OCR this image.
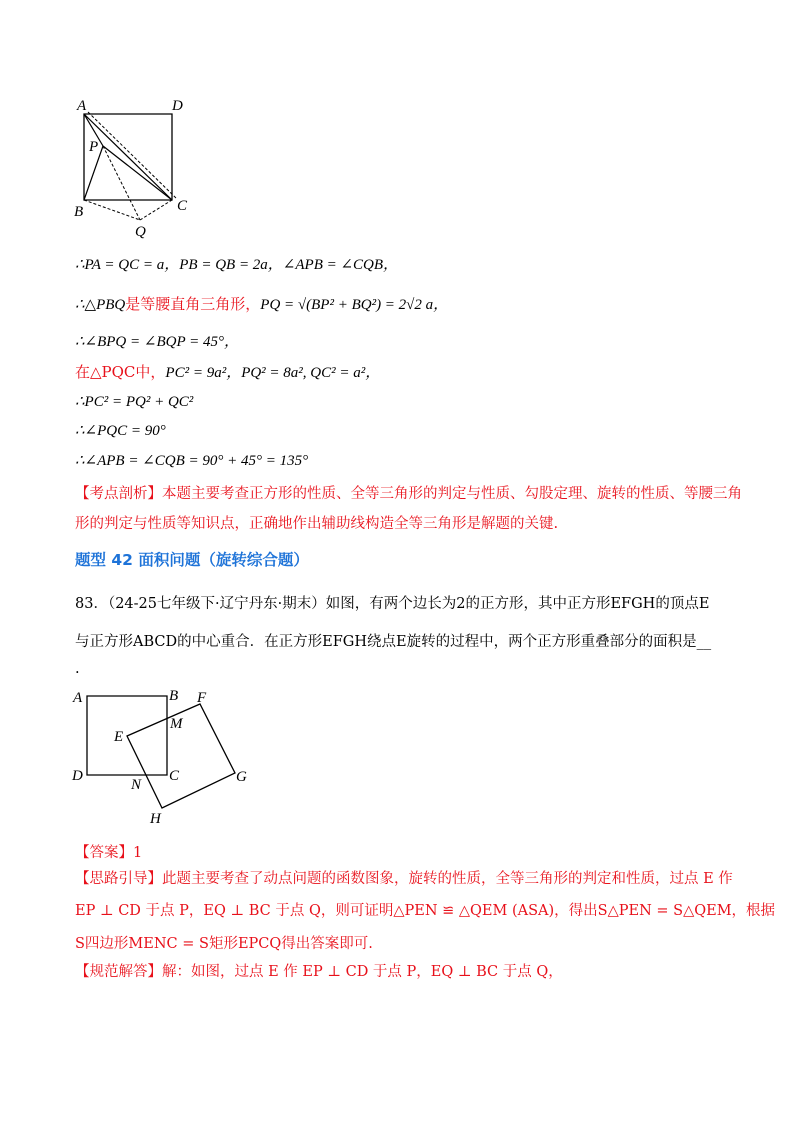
A	D
P
B	C
Q
∴PA = QC = a，PB = QB = 2a，∠APB = ∠CQB，
∴△PBQ是等腰直角三角形，PQ = √(BP² + BQ²) = 2√2 a，
∴∠BPQ = ∠BQP = 45°，
在△PQC中，PC² = 9a²，PQ² = 8a², QC² = a²，
∴PC² = PQ² + QC²
∴∠PQC = 90°
∴∠APB = ∠CQB = 90° + 45° = 135°
【考点剖析】本题主要考查正方形的性质、全等三角形的判定与性质、勾股定理、旋转的性质、等腰三角
形的判定与性质等知识点，正确地作出辅助线构造全等三角形是解题的关键.
题型 42 面积问题（旋转综合题）
83．（24-25七年级下·辽宁丹东·期末）如图，有两个边长为2的正方形，其中正方形EFGH的顶点E
与正方形ABCD的中心重合．在正方形EFGH绕点E旋转的过程中，两个正方形重叠部分的面积是__
.
A	B F
M
E
D	C
N	G
H
【答案】1
【思路引导】此题主要考查了动点问题的函数图象，旋转的性质，全等三角形的判定和性质，过点 E 作
EP ⊥ CD 于点 P，EQ ⊥ BC 于点 Q，则可证明△PEN ≌ △QEM (ASA)，得出S△PEN = S△QEM，根据
S四边形MENC = S矩形EPCQ得出答案即可.
【规范解答】解：如图，过点 E 作 EP ⊥ CD 于点 P，EQ ⊥ BC 于点 Q，
